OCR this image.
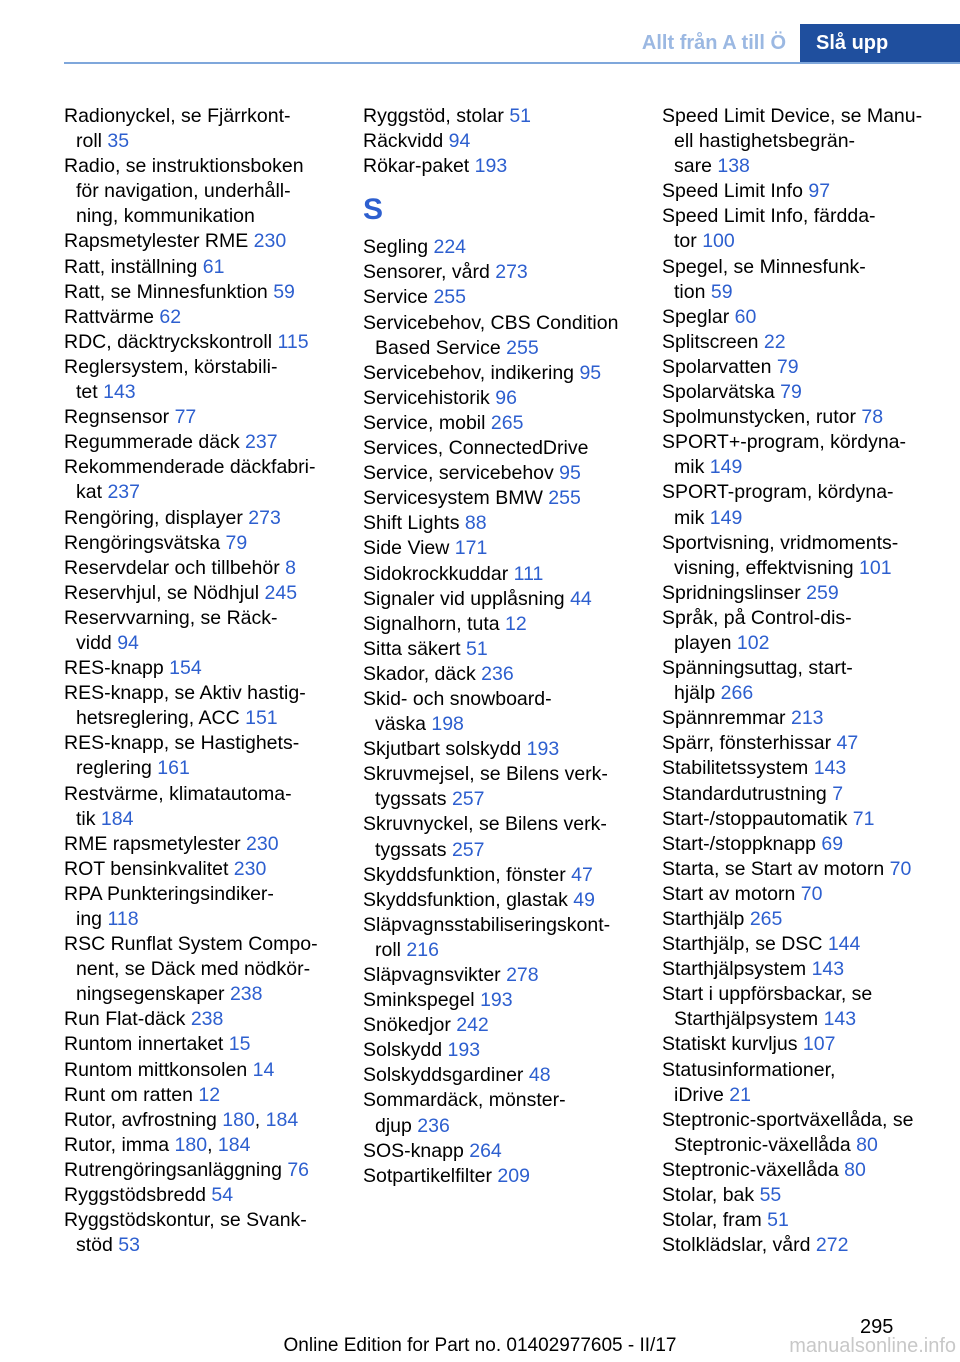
Allt från A till Ö	Slå upp
Radionyckel, se Fjärrkont-
roll 35
Radio, se instruktionsboken
för navigation, underhåll-
ning, kommunikation
Rapsmetylester RME 230
Ratt, inställning 61
Ratt, se Minnesfunktion 59
Rattvärme 62
RDC, däcktryckskontroll 115
Reglersystem, körstabili-
tet 143
Regnsensor 77
Regummerade däck 237
Rekommenderade däckfabri-
kat 237
Rengöring, displayer 273
Rengöringsvätska 79
Reservdelar och tillbehör 8
Reservhjul, se Nödhjul 245
Reservvarning, se Räck-
vidd 94
RES-knapp 154
RES-knapp, se Aktiv hastig-
hetsreglering, ACC 151
RES-knapp, se Hastighets-
reglering 161
Restvärme, klimatautoma-
tik 184
RME rapsmetylester 230
ROT bensinkvalitet 230
RPA Punkteringsindiker-
ing 118
RSC Runflat System Compo-
nent, se Däck med nödkör-
ningsegenskaper 238
Run Flat-däck 238
Runtom innertaket 15
Runtom mittkonsolen 14
Runt om ratten 12
Rutor, avfrostning 180, 184
Rutor, imma 180, 184
Rutrengöringsanläggning 76
Ryggstödsbredd 54
Ryggstödskontur, se Svank-
stöd 53
Ryggstöd, stolar 51
Räckvidd 94
Rökar-paket 193
S
Segling 224
Sensorer, vård 273
Service 255
Servicebehov, CBS Condition
Based Service 255
Servicebehov, indikering 95
Servicehistorik 96
Service, mobil 265
Services, ConnectedDrive
Service, servicebehov 95
Servicesystem BMW 255
Shift Lights 88
Side View 171
Sidokrockkuddar 111
Signaler vid upplåsning 44
Signalhorn, tuta 12
Sitta säkert 51
Skador, däck 236
Skid- och snowboard-
väska 198
Skjutbart solskydd 193
Skruvmejsel, se Bilens verk-
tygssats 257
Skruvnyckel, se Bilens verk-
tygssats 257
Skyddsfunktion, fönster 47
Skyddsfunktion, glastak 49
Släpvagnsstabiliseringskont-
roll 216
Släpvagnsvikter 278
Sminkspegel 193
Snökedjor 242
Solskydd 193
Solskyddsgardiner 48
Sommardäck, mönster-
djup 236
SOS-knapp 264
Sotpartikelfilter 209
Speed Limit Device, se Manu-
ell hastighetsbegrän-
sare 138
Speed Limit Info 97
Speed Limit Info, färdda-
tor 100
Spegel, se Minnesfunk-
tion 59
Speglar 60
Splitscreen 22
Spolarvatten 79
Spolarvätska 79
Spolmunstycken, rutor 78
SPORT+-program, kördyna-
mik 149
SPORT-program, kördyna-
mik 149
Sportvisning, vridmoments-
visning, effektvisning 101
Spridningslinser 259
Språk, på Control-dis-
playen 102
Spänningsuttag, start-
hjälp 266
Spännremmar 213
Spärr, fönsterhissar 47
Stabilitetssystem 143
Standardutrustning 7
Start-/stoppautomatik 71
Start-/stoppknapp 69
Starta, se Start av motorn 70
Start av motorn 70
Starthjälp 265
Starthjälp, se DSC 144
Starthjälpsystem 143
Start i uppförsbackar, se
Starthjälpsystem 143
Statiskt kurvljus 107
Statusinformationer,
iDrive 21
Steptronic-sportväxellåda, se
Steptronic-växellåda 80
Steptronic-växellåda 80
Stolar, bak 55
Stolar, fram 51
Stolklädslar, vård 272
295
Online Edition for Part no. 01402977605 - II/17	manualsonline.info
